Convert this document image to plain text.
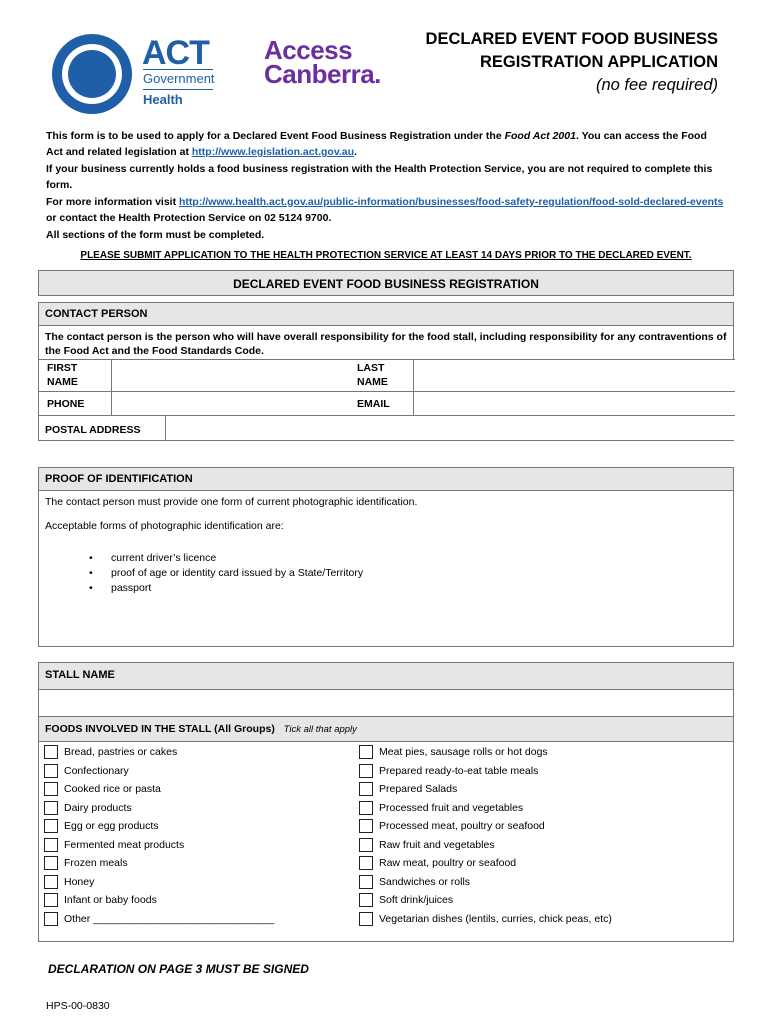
ACT
Government
Health
Access
Canberra.
DECLARED EVENT FOOD BUSINESS
REGISTRATION APPLICATION
(no fee required)

This form is to be used to apply for a Declared Event Food Business Registration under the Food Act 2001. You can access the Food Act and related legislation at http://www.legislation.act.gov.au.

If your business currently holds a food business registration with the Health Protection Service, you are not required to complete this form.

For more information visit http://www.health.act.gov.au/public-information/businesses/food-safety-regulation/food-sold-declared-events or contact the Health Protection Service on 02 5124 9700.

All sections of the form must be completed.

PLEASE SUBMIT APPLICATION TO THE HEALTH PROTECTION SERVICE AT LEAST 14 DAYS PRIOR TO THE DECLARED EVENT.
DECLARED EVENT FOOD BUSINESS REGISTRATION
CONTACT PERSON
The contact person is the person who will have overall responsibility for the food stall, including responsibility for any contraventions of the Food Act and the Food Standards Code.
FIRST
NAME
LAST
NAME
PHONE	EMAIL
POSTAL ADDRESS
PROOF OF IDENTIFICATION
The contact person must provide one form of current photographic identification.
Acceptable forms of photographic identification are:
• current driver’s licence
• proof of age or identity card issued by a State/Territory
• passport
STALL NAME
FOODS INVOLVED IN THE STALL (All Groups) Tick all that apply
Bread, pastries or cakes
Confectionary
Cooked rice or pasta
Dairy products
Egg or egg products
Fermented meat products
Frozen meals
Honey
Infant or baby foods
Other _______________________________
Meat pies, sausage rolls or hot dogs
Prepared ready-to-eat table meals
Prepared Salads
Processed fruit and vegetables
Processed meat, poultry or seafood
Raw fruit and vegetables
Raw meat, poultry or seafood
Sandwiches or rolls
Soft drink/juices
Vegetarian dishes (lentils, curries, chick peas, etc)
DECLARATION ON PAGE 3 MUST BE SIGNED
HPS-00-0830
